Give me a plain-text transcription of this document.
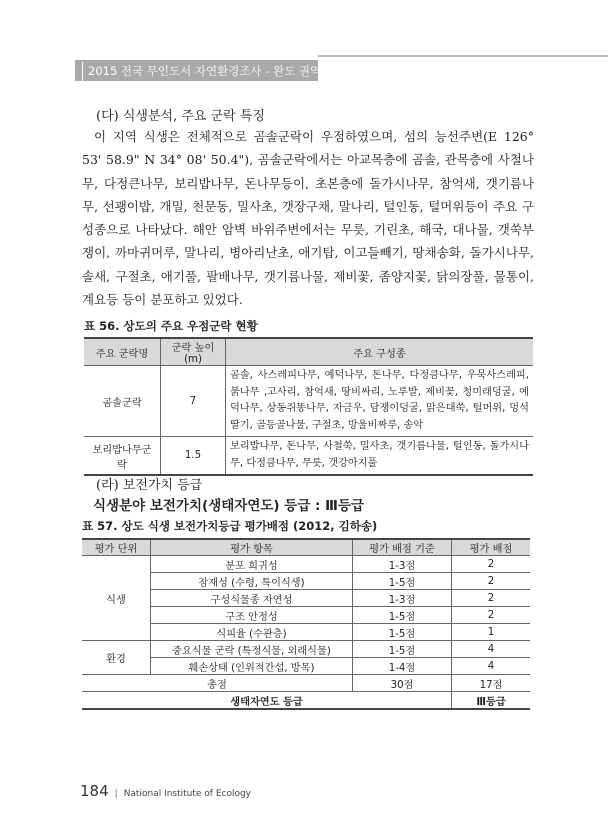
2015 전국 무인도서 자연환경조사 - 완도 권역
(다) 식생분석, 주요 군락 특징

이 지역 식생은 전체적으로 곰솔군락이 우점하였으며, 섬의 능선주변(E 126° 53' 58.9" N 34° 08' 50.4"), 곰솔군락에서는 아교목층에 곰솔, 관목층에 사철나무, 다정큰나무, 보리밥나무, 돈나무등이, 초본층에 돌가시나무, 참억새, 갯기름나무, 선괭이밥, 개밀, 천문동, 밀사초, 갯장구채, 말나리, 털인동, 털머위등이 주요 구성종으로 나타났다. 해안 암벽 바위주변에서는 무릇, 기린초, 해국, 대나물, 갯쑥부쟁이, 까마귀머루, 말나리, 병아리난초, 애기탑, 이고들빼기, 땅채송화, 돌가시나무, 솔새, 구절초, 애기풀, 팔배나무, 갯기름나물, 제비꽃, 좀양지꽃, 닭의장풀, 물통이, 계요등 등이 분포하고 있었다.

표 56. 상도의 주요 우점군락 현황
주요 군락명	군락 높이(m)	주요 구성종
곰솔군락	7	곰솔, 사스레피나무, 예덕나무, 돈나무, 다정큼나무, 우묵사스레피, 붉나무 ,고사리, 참억새, 땅비싸리, 노루발, 제비꽃, 청미래덩굴, 예덕나무, 상동쥐똥나무, 자금우, 담쟁이덩굴, 맑은대쑥, 털머위, 멍석딸기, 골등골나물, 구절초, 방울비짜루, 송악
보리밥나무군락	1.5	보리밥나무, 돈나무, 사철쑥, 밀사초, 갯기름나물, 털인동, 돌가시나무, 다정큼나무, 무릇, 갯강아지풀
(라) 보전가치 등급
식생분야 보전가치(생태자연도) 등급 : Ⅲ등급
표 57. 상도 식생 보전가치등급 평가배점 (2012, 김하송)
평가 단위	평가 항목	평가 배점 기준	평가 배점
식생	분포 희귀성	1-3점	2
	잠재성 (수령, 특이식생)	1-5점	2
	구성식물종 자연성	1-3점	2
	구조 안정성	1-5점	2
	식피율 (수관층)	1-5점	1
환경	중요식물 군락 (특정식물, 외래식물)	1-5점	4
	훼손상태 (인위적간섭, 방목)	1-4점	4
총점		30점	17점
생태자연도 등급			Ⅲ등급
184 | National Institute of Ecology
